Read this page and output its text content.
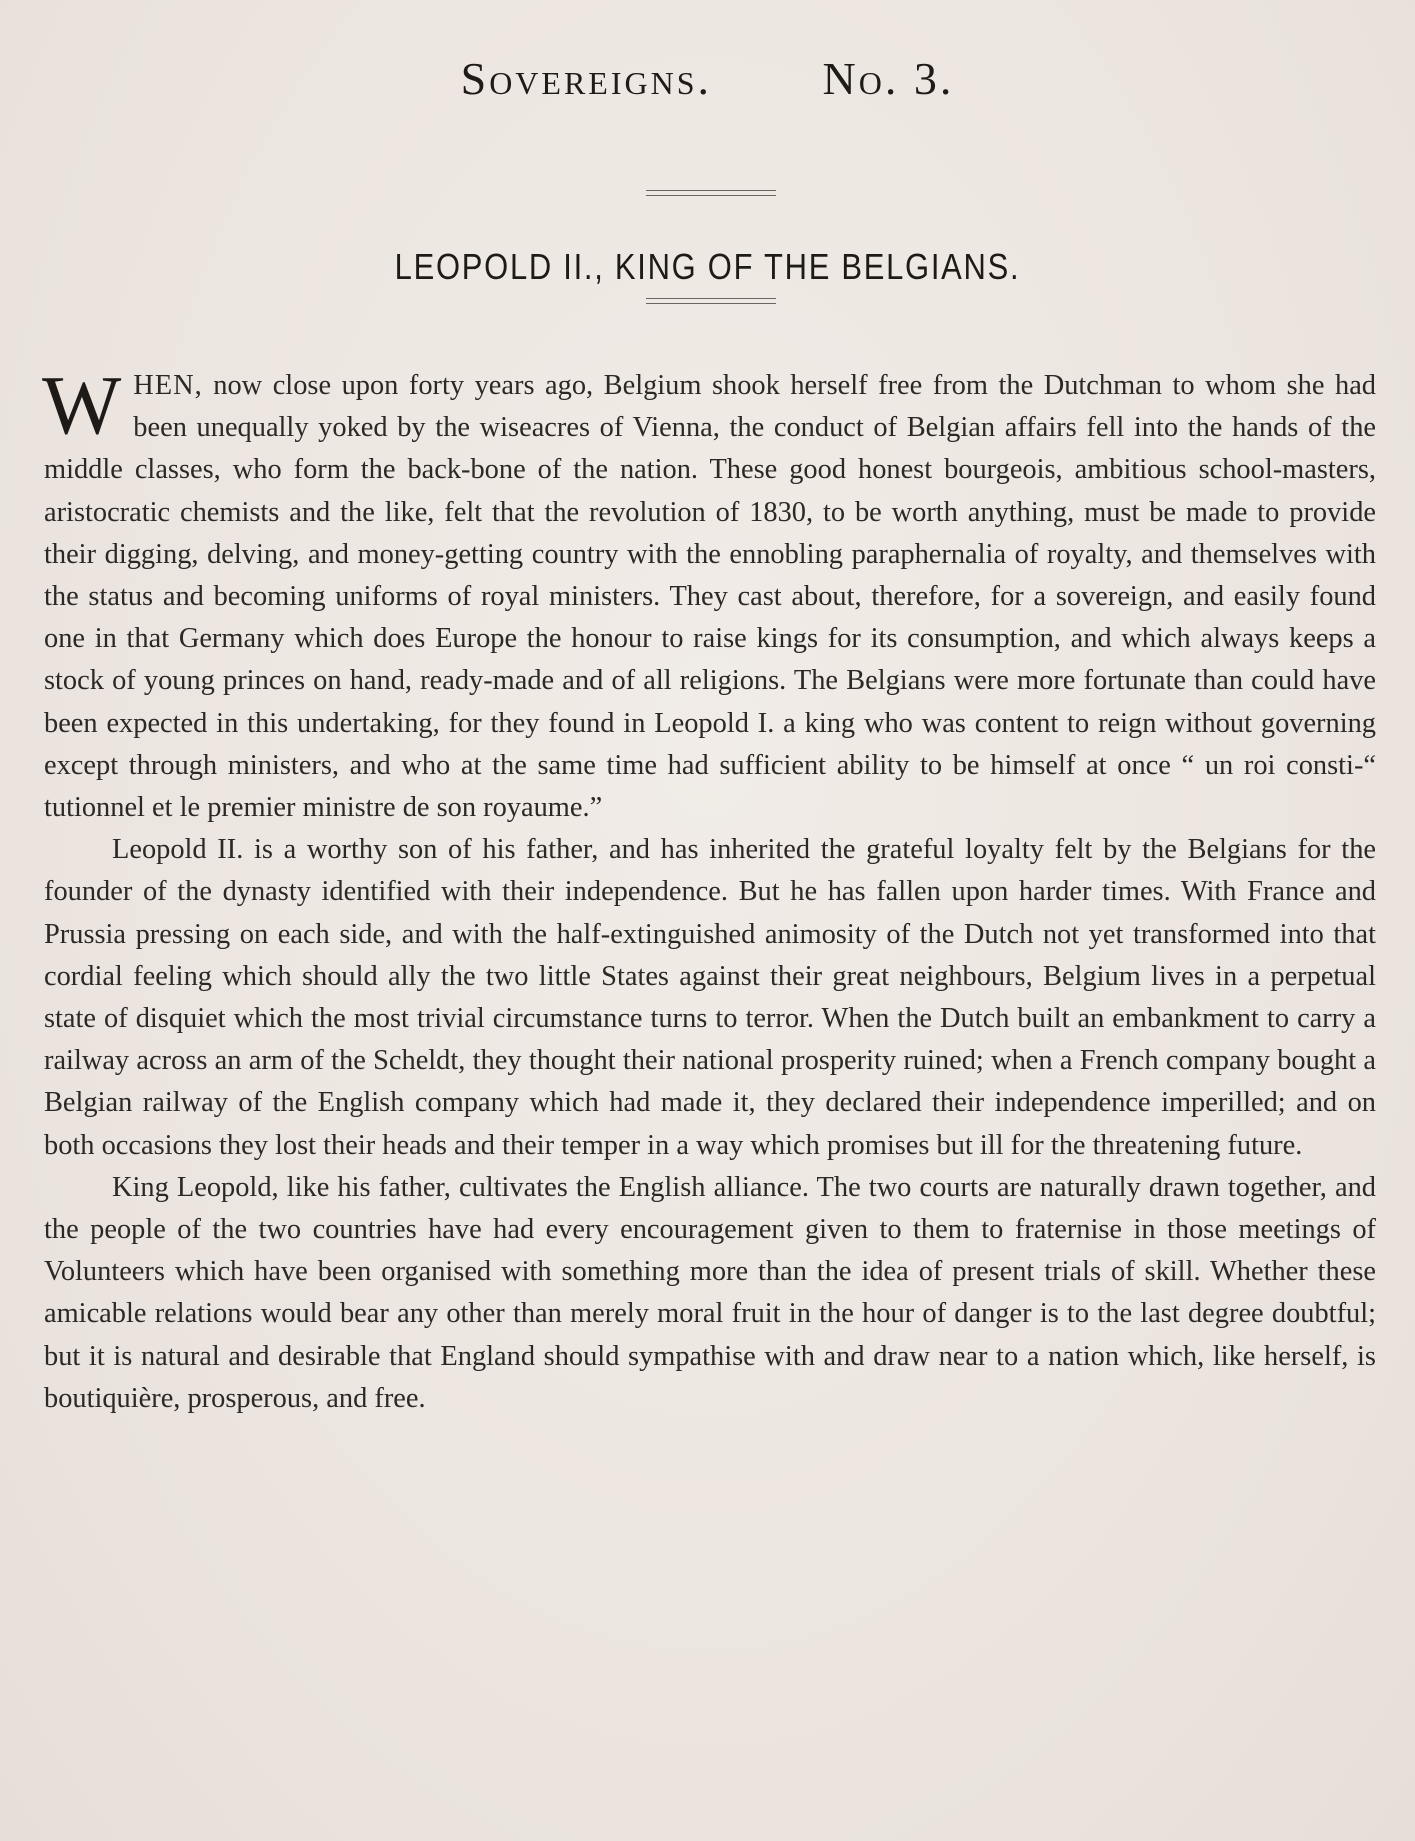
Sovereigns. No. 3.
LEOPOLD II., KING OF THE BELGIANS.

WHEN, now close upon forty years ago, Belgium shook herself free from the Dutchman to whom she had been unequally yoked by the wiseacres of Vienna, the conduct of Belgian affairs fell into the hands of the middle classes, who form the back-bone of the nation. These good honest bourgeois, ambitious school-masters, aristocratic chemists and the like, felt that the revolution of 1830, to be worth anything, must be made to provide their digging, delving, and money-getting country with the ennobling paraphernalia of royalty, and themselves with the status and becoming uniforms of royal ministers. They cast about, therefore, for a sovereign, and easily found one in that Germany which does Europe the honour to raise kings for its consumption, and which always keeps a stock of young princes on hand, ready-made and of all religions. The Belgians were more fortunate than could have been expected in this undertaking, for they found in Leopold I. a king who was content to reign without governing except through ministers, and who at the same time had sufficient ability to be himself at once “ un roi consti-“ tutionnel et le premier ministre de son royaume.”

Leopold II. is a worthy son of his father, and has inherited the grateful loyalty felt by the Belgians for the founder of the dynasty identified with their independence. But he has fallen upon harder times. With France and Prussia pressing on each side, and with the half-extinguished animosity of the Dutch not yet transformed into that cordial feeling which should ally the two little States against their great neighbours, Belgium lives in a perpetual state of disquiet which the most trivial circumstance turns to terror. When the Dutch built an embankment to carry a railway across an arm of the Scheldt, they thought their national prosperity ruined; when a French company bought a Belgian railway of the English company which had made it, they declared their independence imperilled; and on both occasions they lost their heads and their temper in a way which promises but ill for the threatening future.

King Leopold, like his father, cultivates the English alliance. The two courts are naturally drawn together, and the people of the two countries have had every encouragement given to them to fraternise in those meetings of Volunteers which have been organised with something more than the idea of present trials of skill. Whether these amicable relations would bear any other than merely moral fruit in the hour of danger is to the last degree doubtful; but it is natural and desirable that England should sympathise with and draw near to a nation which, like herself, is boutiquière, prosperous, and free.
